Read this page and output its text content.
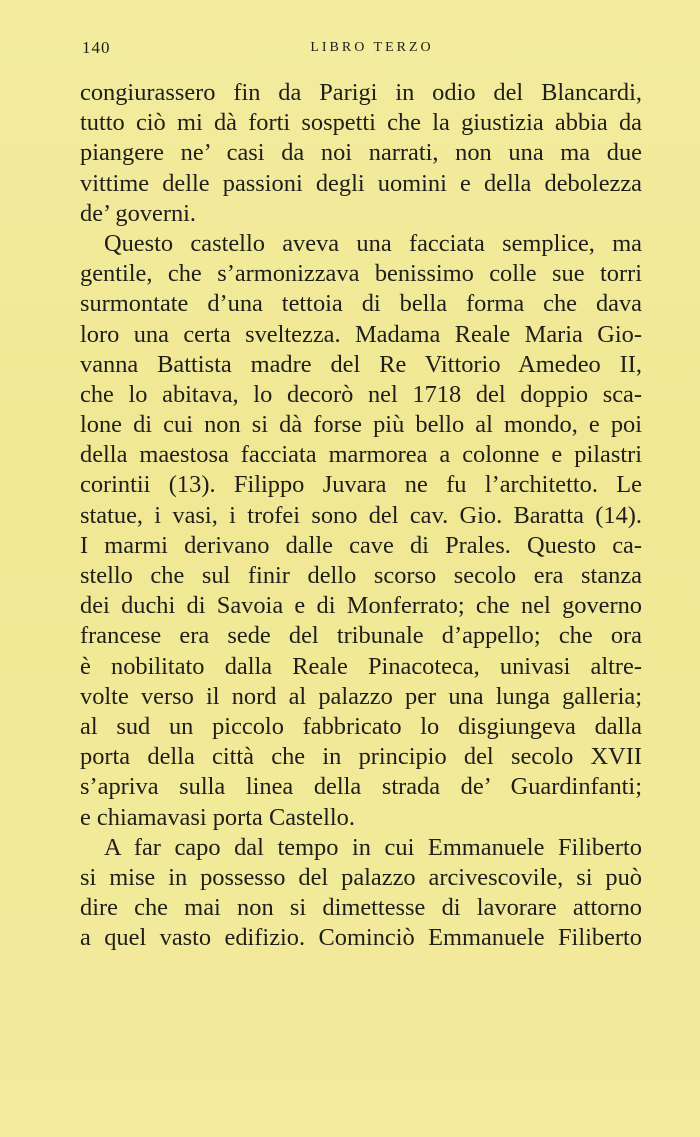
140	LIBRO TERZO
congiurassero fin da Parigi in odio del Blancardi,
tutto ciò mi dà forti sospetti che la giustizia abbia da
piangere ne’ casi da noi narrati, non una ma due
vittime delle passioni degli uomini e della debolezza
de’ governi.
Questo castello aveva una facciata semplice, ma
gentile, che s’armonizzava benissimo colle sue torri
surmontate d’una tettoia di bella forma che dava
loro una certa sveltezza. Madama Reale Maria Gio-
vanna Battista madre del Re Vittorio Amedeo II,
che lo abitava, lo decorò nel 1718 del doppio sca-
lone di cui non si dà forse più bello al mondo, e poi
della maestosa facciata marmorea a colonne e pilastri
corintii (13). Filippo Juvara ne fu l’architetto. Le
statue, i vasi, i trofei sono del cav. Gio. Baratta (14).
I marmi derivano dalle cave di Prales. Questo ca-
stello che sul finir dello scorso secolo era stanza
dei duchi di Savoia e di Monferrato; che nel governo
francese era sede del tribunale d’appello; che ora
è nobilitato dalla Reale Pinacoteca, univasi altre-
volte verso il nord al palazzo per una lunga galleria;
al sud un piccolo fabbricato lo disgiungeva dalla
porta della città che in principio del secolo XVII
s’apriva sulla linea della strada de’ Guardinfanti;
e chiamavasi porta Castello.
A far capo dal tempo in cui Emmanuele Filiberto
si mise in possesso del palazzo arcivescovile, si può
dire che mai non si dimettesse di lavorare attorno
a quel vasto edifizio. Cominciò Emmanuele Filiberto
